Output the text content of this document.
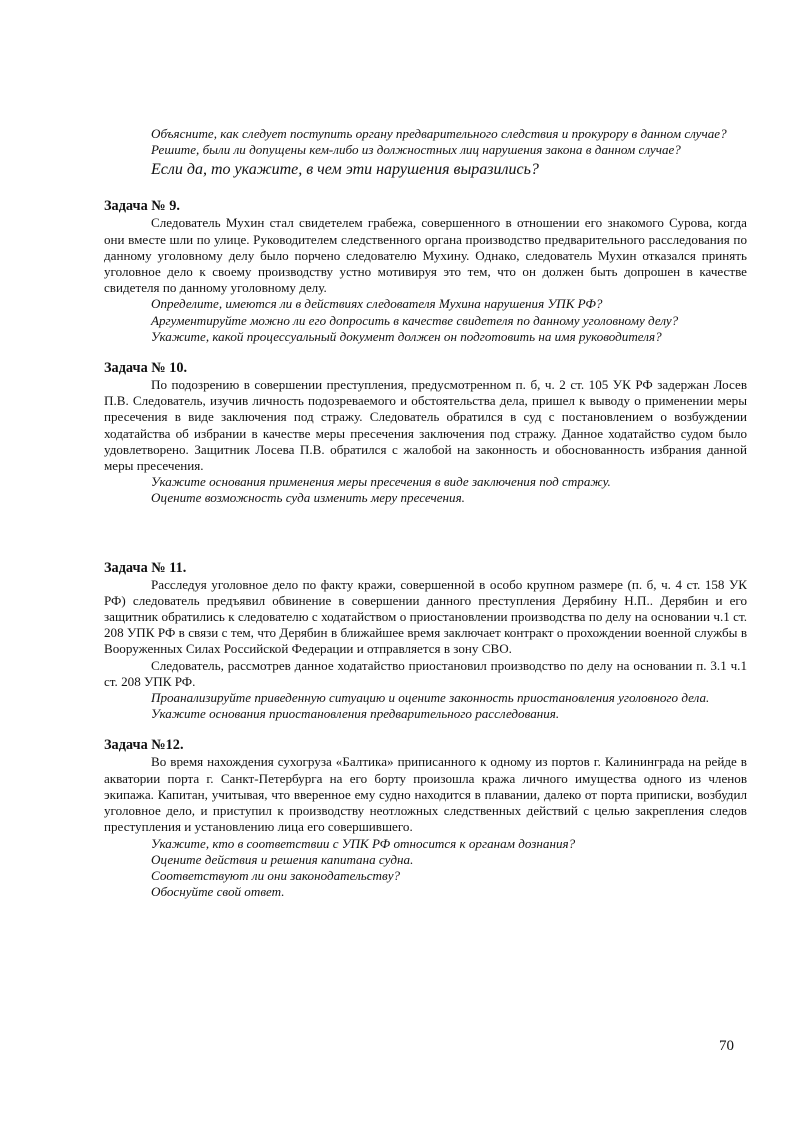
Объясните, как следует поступить органу предварительного следствия и прокурору в данном случае?

Решите, были ли допущены кем-либо из должностных лиц нарушения закона в данном случае?

Если да, то укажите, в чем эти нарушения выразились?

Задача № 9.

Следователь Мухин стал свидетелем грабежа, совершенного в отношении его знакомого Сурова, когда они вместе шли по улице. Руководителем следственного органа производство предварительного расследования по данному уголовному делу было порчено следователю Мухину. Однако, следователь Мухин отказался принять уголовное дело к своему производству устно мотивируя это тем, что он должен быть допрошен в качестве свидетеля по данному уголовному делу.

Определите, имеются ли в действиях следователя Мухина нарушения УПК РФ?

Аргументируйте можно ли его допросить в качестве свидетеля по данному уголовному делу?

Укажите, какой процессуальный документ должен он подготовить на имя руководителя?

Задача № 10.

По подозрению в совершении преступления, предусмотренном п. б, ч. 2 ст. 105 УК РФ задержан Лосев П.В. Следователь, изучив личность подозреваемого и обстоятельства дела, пришел к выводу о применении меры пресечения в виде заключения под стражу. Следователь обратился в суд с постановлением о возбуждении ходатайства об избрании в качестве меры пресечения заключения под стражу. Данное ходатайство судом было удовлетворено. Защитник Лосева П.В. обратился с жалобой на законность и обоснованность избрания данной меры пресечения.

Укажите основания применения меры пресечения в виде заключения под стражу.

Оцените возможность суда изменить меру пресечения.

Задача № 11.

Расследуя уголовное дело по факту кражи, совершенной в особо крупном размере (п. б, ч. 4 ст. 158 УК РФ) следователь предъявил обвинение в совершении данного преступления Дерябину Н.П.. Дерябин и его защитник обратились к следователю с ходатайством о приостановлении производства по делу на основании ч.1 ст. 208 УПК РФ в связи с тем, что Дерябин в ближайшее время заключает контракт о прохождении военной службы в Вооруженных Силах Российской Федерации и отправляется в зону СВО.

Следователь, рассмотрев данное ходатайство приостановил производство по делу на основании п. 3.1 ч.1 ст. 208 УПК РФ.

Проанализируйте приведенную ситуацию и оцените законность приостановления уголовного дела.

Укажите основания приостановления предварительного расследования.

Задача №12.

Во время нахождения сухогруза «Балтика» приписанного к одному из портов г. Калининграда на рейде в акватории порта г. Санкт-Петербурга на его борту произошла кража личного имущества одного из членов экипажа. Капитан, учитывая, что вверенное ему судно находится в плавании, далеко от порта приписки, возбудил уголовное дело, и приступил к производству неотложных следственных действий с целью закрепления следов преступления и установлению лица его совершившего.

Укажите, кто в соответствии с УПК РФ относится к органам дознания?

Оцените действия и решения капитана судна.

Соответствуют ли они законодательству?

Обоснуйте свой ответ.

70
